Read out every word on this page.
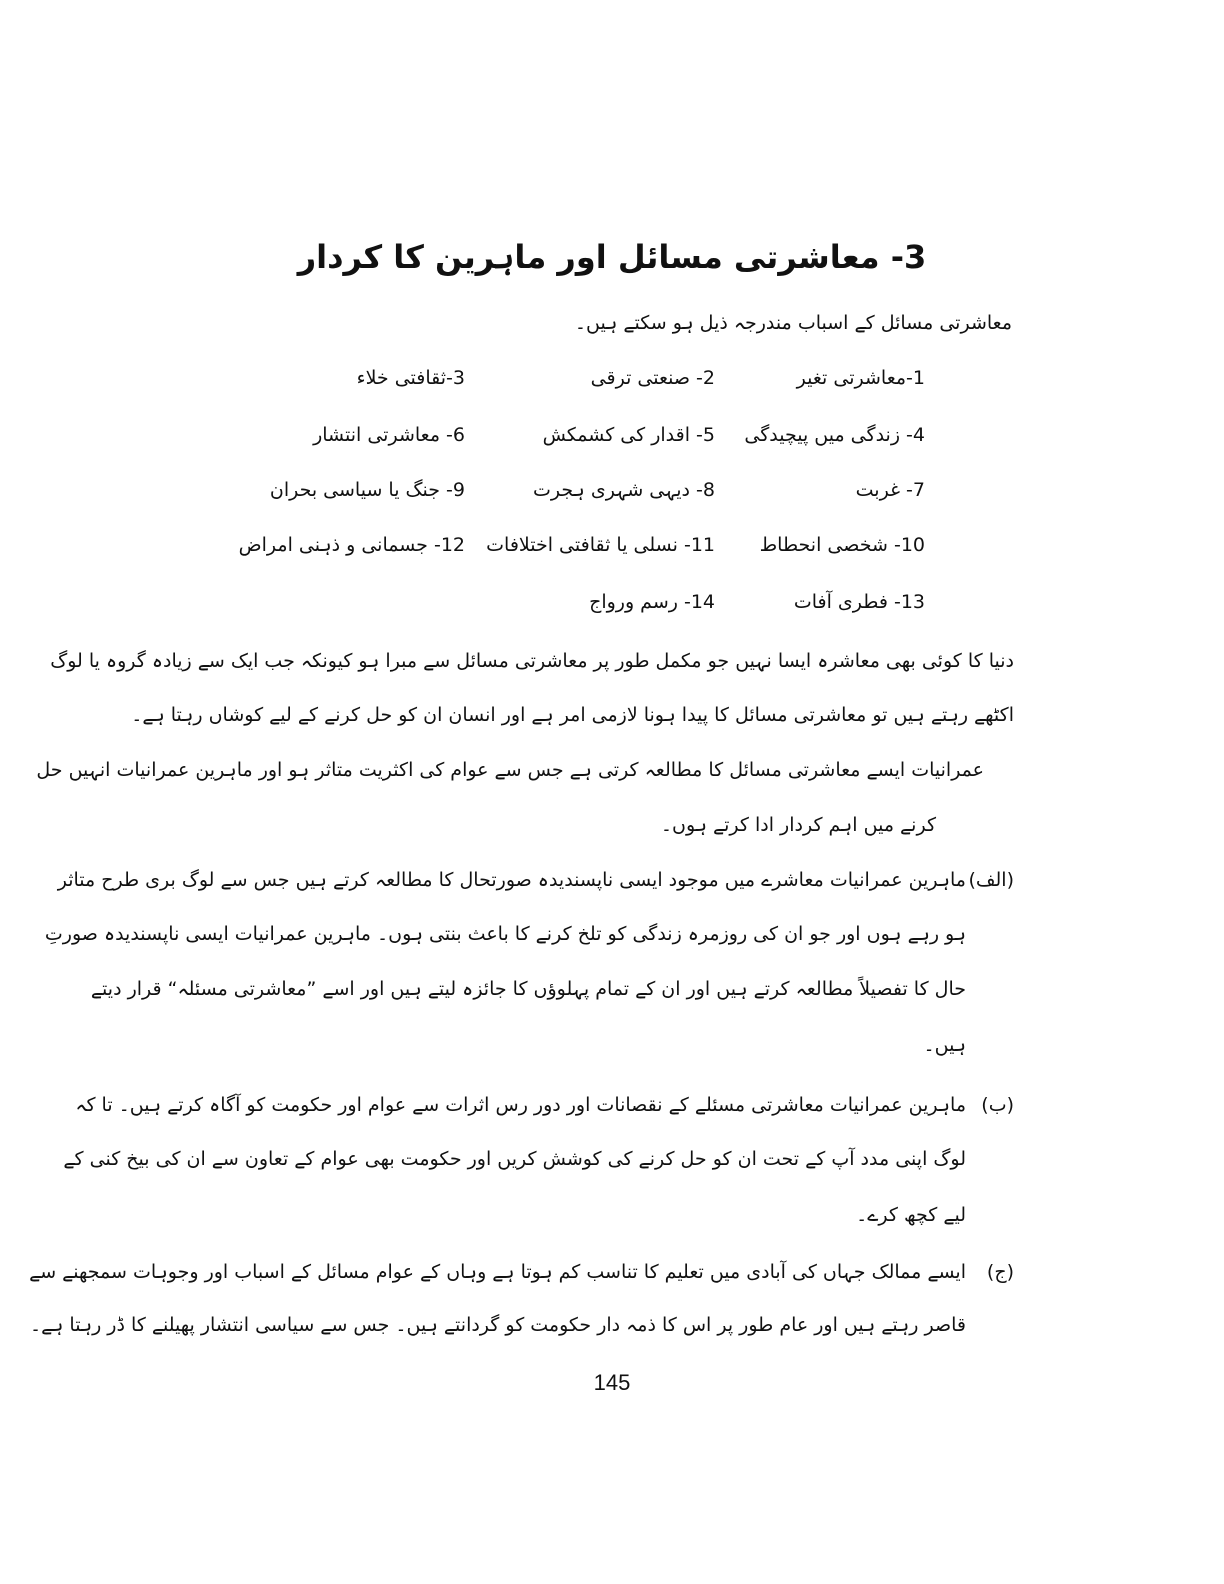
3- معاشرتی مسائل اور ماہرین کا کردار
معاشرتی مسائل کے اسباب مندرجہ ذیل ہو سکتے ہیں۔
1-معاشرتی تغیر
2- صنعتی ترقی
3-ثقافتی خلاء
4- زندگی میں پیچیدگی
5- اقدار کی کشمکش
6- معاشرتی انتشار
7- غربت
8- دیہی شہری ہجرت
9- جنگ یا سیاسی بحران
10- شخصی انحطاط
11- نسلی یا ثقافتی اختلافات
12- جسمانی و ذہنی امراض
13- فطری آفات
14- رسم ورواج
دنیا کا کوئی بھی معاشرہ ایسا نہیں جو مکمل طور پر معاشرتی مسائل سے مبرا ہو کیونکہ جب ایک سے زیادہ گروہ یا لوگ
اکٹھے رہتے ہیں تو معاشرتی مسائل کا پیدا ہونا لازمی امر ہے اور انسان ان کو حل کرنے کے لیے کوشاں رہتا ہے۔
عمرانیات ایسے معاشرتی مسائل کا مطالعہ کرتی ہے جس سے عوام کی اکثریت متاثر ہو اور ماہرین عمرانیات انہیں حل
کرنے میں اہم کردار ادا کرتے ہوں۔
(الف)
ماہرین عمرانیات معاشرے میں موجود ایسی ناپسندیدہ صورتحال کا مطالعہ کرتے ہیں جس سے لوگ بری طرح متاثر
ہو رہے ہوں اور جو ان کی روزمرہ زندگی کو تلخ کرنے کا باعث بنتی ہوں۔ ماہرین عمرانیات ایسی ناپسندیدہ صورتِ
حال کا تفصیلاً مطالعہ کرتے ہیں اور ان کے تمام پہلوؤں کا جائزہ لیتے ہیں اور اسے ”معاشرتی مسئلہ“ قرار دیتے
ہیں۔
(ب)
ماہرین عمرانیات معاشرتی مسئلے کے نقصانات اور دور رس اثرات سے عوام اور حکومت کو آگاہ کرتے ہیں۔ تا کہ
لوگ اپنی مدد آپ کے تحت ان کو حل کرنے کی کوشش کریں اور حکومت بھی عوام کے تعاون سے ان کی بیخ کنی کے
لیے کچھ کرے۔
(ج)
ایسے ممالک جہاں کی آبادی میں تعلیم کا تناسب کم ہوتا ہے وہاں کے عوام مسائل کے اسباب اور وجوہات سمجھنے سے
قاصر رہتے ہیں اور عام طور پر اس کا ذمہ دار حکومت کو گردانتے ہیں۔ جس سے سیاسی انتشار پھیلنے کا ڈر رہتا ہے۔
145
